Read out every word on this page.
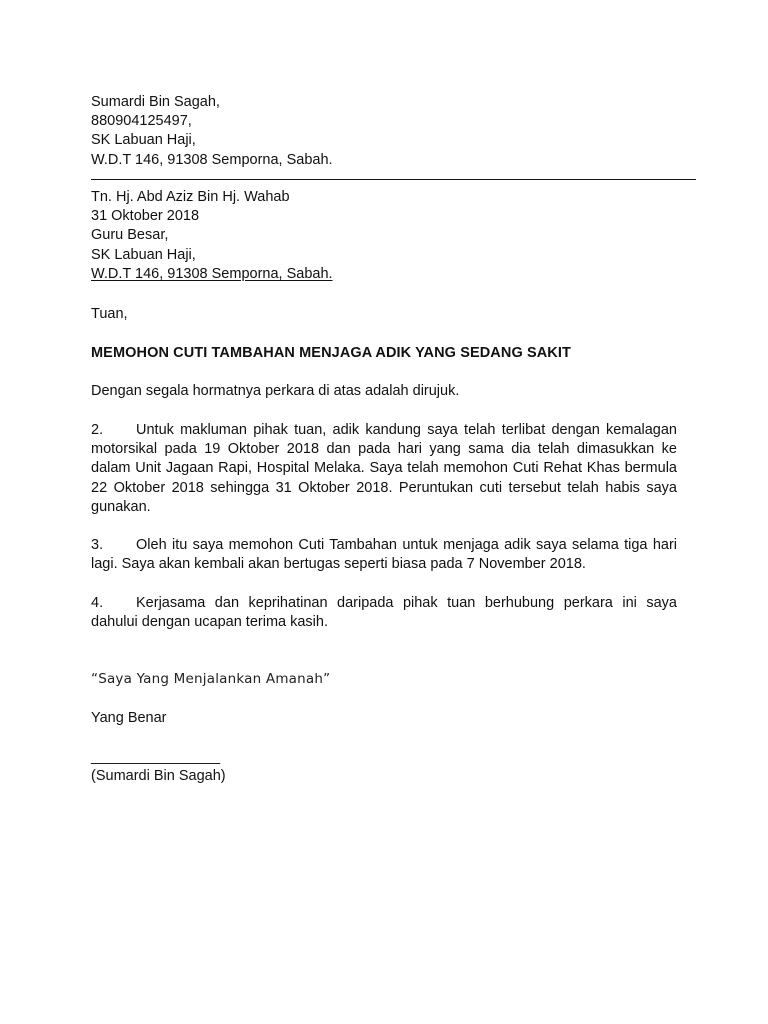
Sumardi Bin Sagah,
880904125497,
SK Labuan Haji,
W.D.T 146, 91308 Semporna, Sabah.
Tn. Hj. Abd Aziz Bin Hj. Wahab
31 Oktober 2018
Guru Besar,
SK Labuan Haji,
W.D.T 146, 91308 Semporna, Sabah.
Tuan,
MEMOHON CUTI TAMBAHAN MENJAGA ADIK YANG SEDANG SAKIT
Dengan segala hormatnya perkara di atas adalah dirujuk.
2. Untuk makluman pihak tuan, adik kandung saya telah terlibat dengan kemalagan
motorsikal pada 19 Oktober 2018 dan pada hari yang sama dia telah dimasukkan ke
dalam Unit Jagaan Rapi, Hospital Melaka. Saya telah memohon Cuti Rehat Khas bermula
22 Oktober 2018 sehingga 31 Oktober 2018. Peruntukan cuti tersebut telah habis saya
gunakan.
3. Oleh itu saya memohon Cuti Tambahan untuk menjaga adik saya selama tiga hari
lagi. Saya akan kembali akan bertugas seperti biasa pada 7 November 2018.
4. Kerjasama dan keprihatinan daripada pihak tuan berhubung perkara ini saya
dahului dengan ucapan terima kasih.
“Saya Yang Menjalankan Amanah”
Yang Benar
________________
(Sumardi Bin Sagah)
